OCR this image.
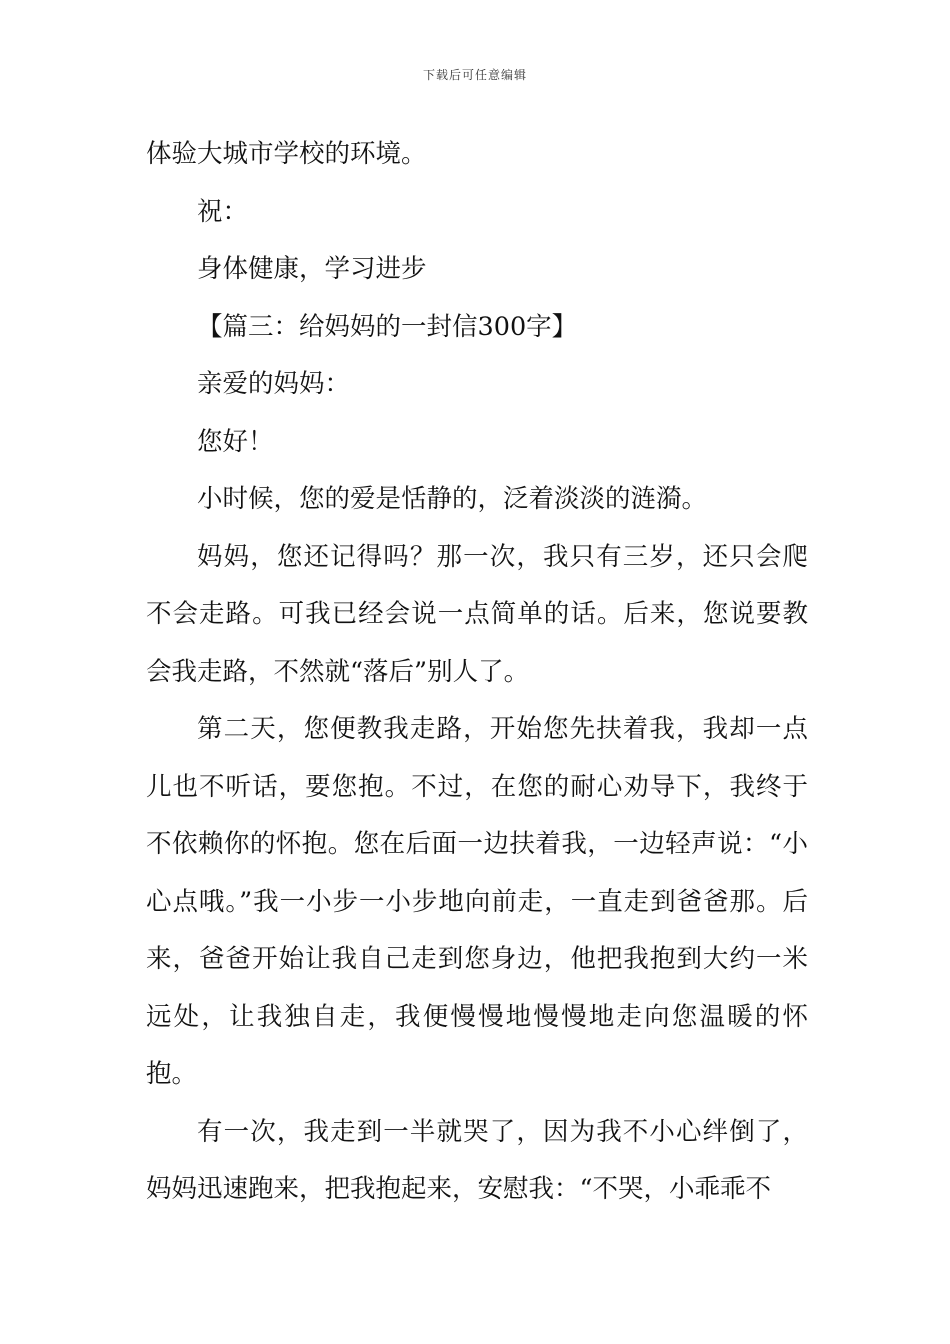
下载后可任意编辑

体验大城市学校的环境。

祝：

身体健康，学习进步

【篇三：给妈妈的一封信300字】

亲爱的妈妈：

您好！

小时候，您的爱是恬静的，泛着淡淡的涟漪。

妈妈，您还记得吗？那一次，我只有三岁，还只会爬不会走路。可我已经会说一点简单的话。后来，您说要教会我走路，不然就“落后”别人了。

第二天，您便教我走路，开始您先扶着我，我却一点儿也不听话，要您抱。不过，在您的耐心劝导下，我终于不依赖你的怀抱。您在后面一边扶着我，一边轻声说：“小心点哦。”我一小步一小步地向前走，一直走到爸爸那。后来，爸爸开始让我自己走到您身边，他把我抱到大约一米远处，让我独自走，我便慢慢地慢慢地走向您温暖的怀抱。

有一次，我走到一半就哭了，因为我不小心绊倒了，妈妈迅速跑来，把我抱起来，安慰我：“不哭，小乖乖不
